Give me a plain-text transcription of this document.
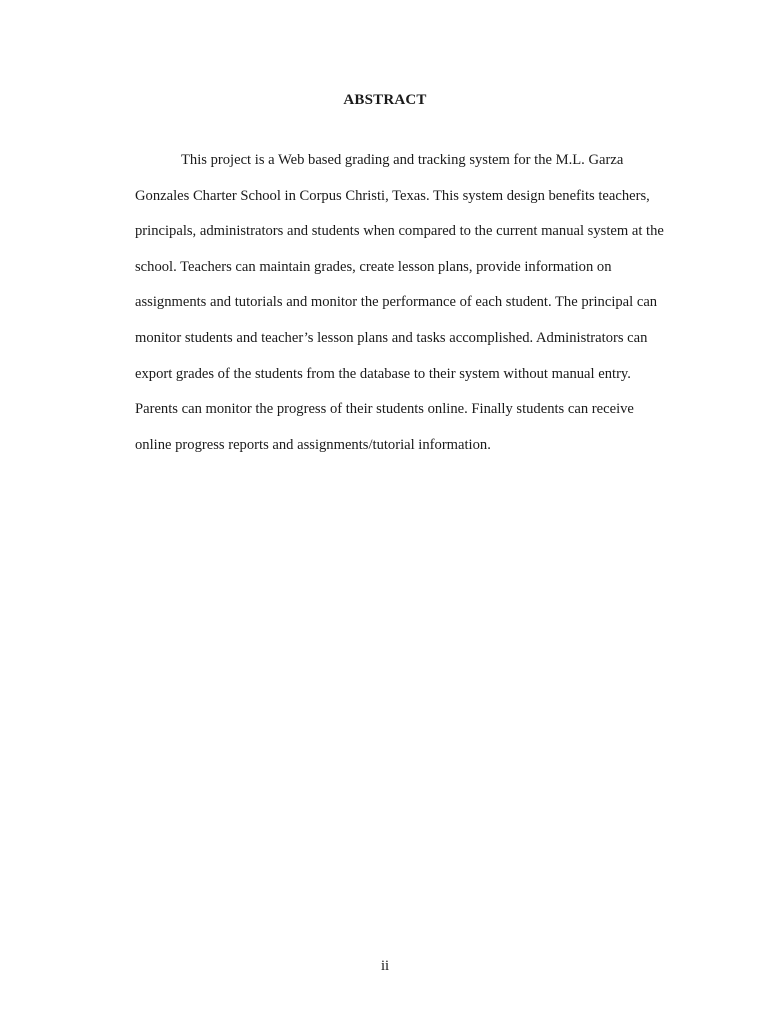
ABSTRACT
This project is a Web based grading and tracking system for the M.L. Garza
Gonzales Charter School in Corpus Christi, Texas. This system design benefits teachers,
principals, administrators and students when compared to the current manual system at the
school. Teachers can maintain grades, create lesson plans, provide information on
assignments and tutorials and monitor the performance of each student. The principal can
monitor students and teacher’s lesson plans and tasks accomplished. Administrators can
export grades of the students from the database to their system without manual entry.
Parents can monitor the progress of their students online. Finally students can receive
online progress reports and assignments/tutorial information.
ii
